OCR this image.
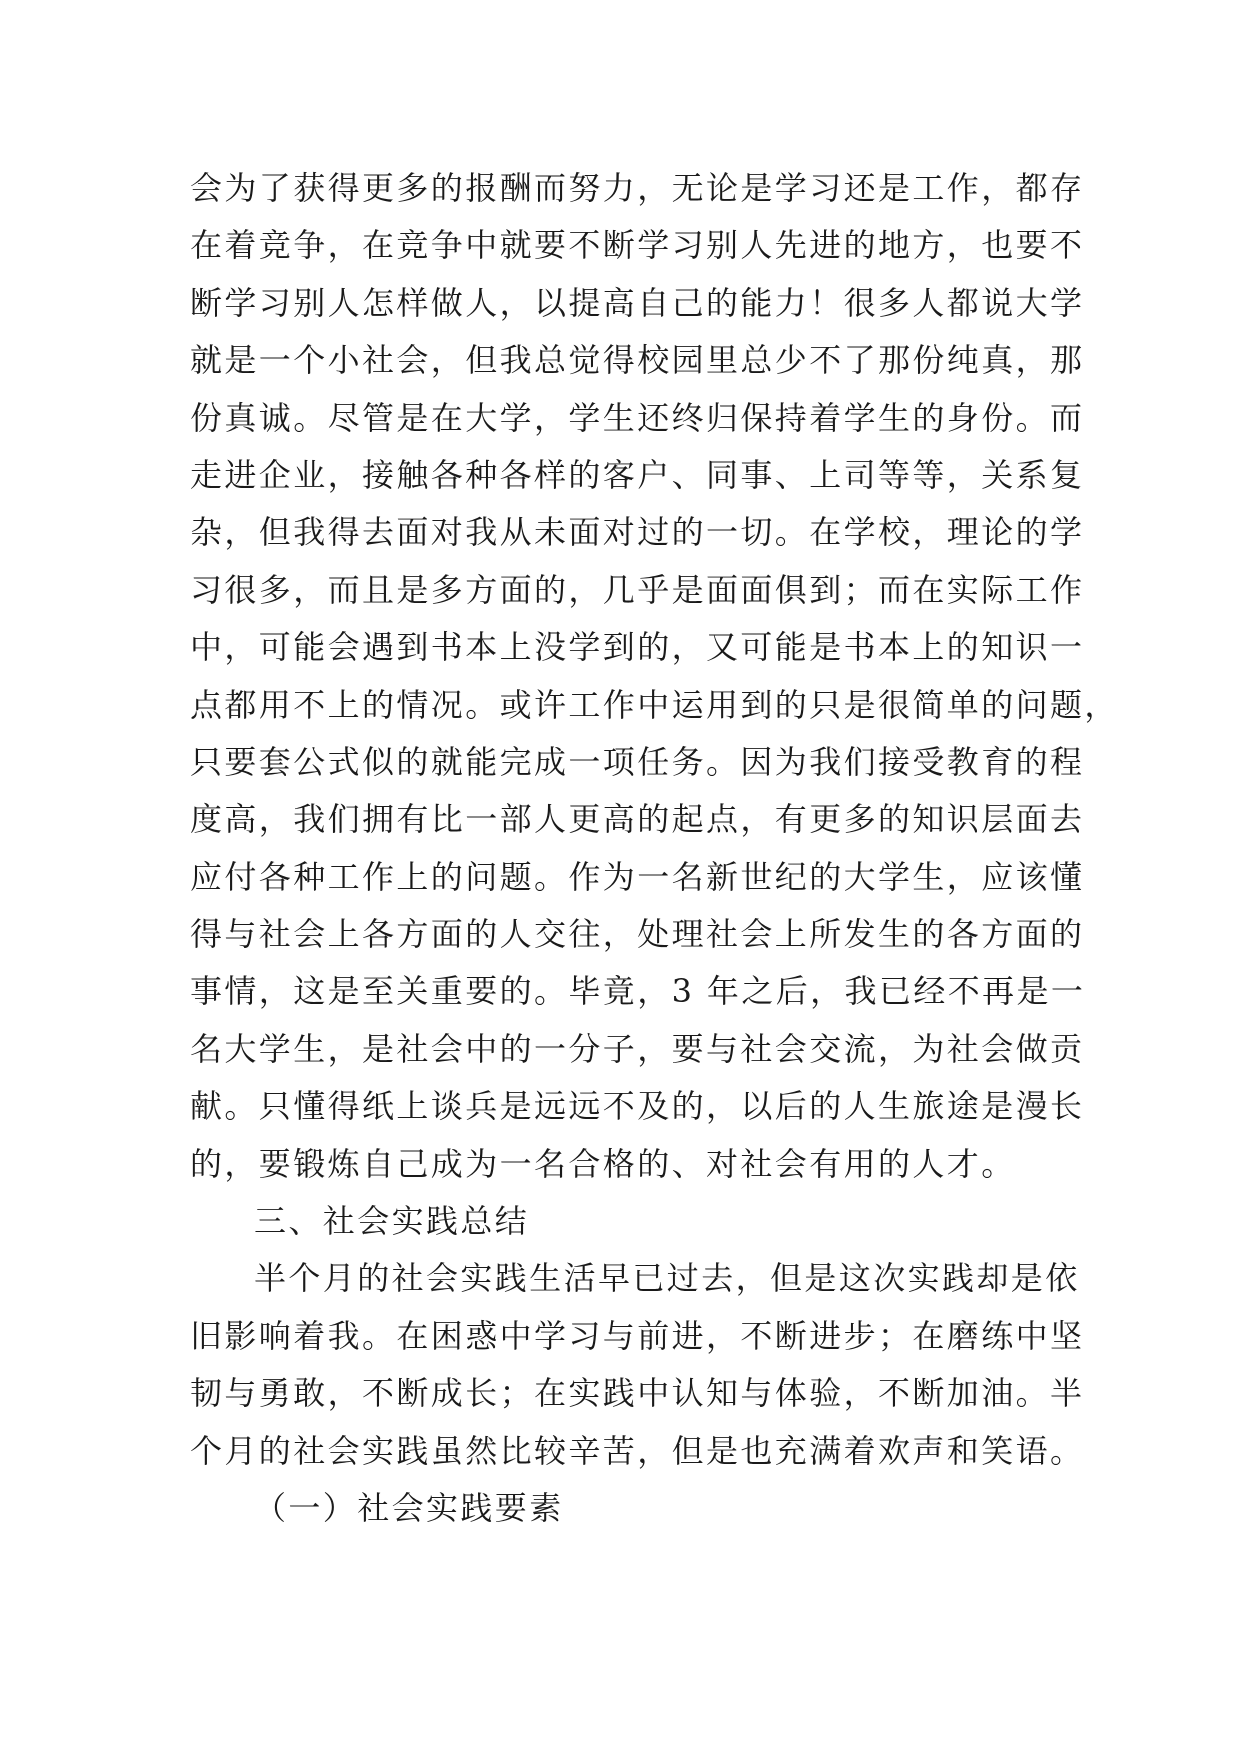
会为了获得更多的报酬而努力，无论是学习还是工作，都存
在着竞争，在竞争中就要不断学习别人先进的地方，也要不
断学习别人怎样做人，以提高自己的能力！很多人都说大学
就是一个小社会，但我总觉得校园里总少不了那份纯真，那
份真诚。尽管是在大学，学生还终归保持着学生的身份。而
走进企业，接触各种各样的客户、同事、上司等等，关系复
杂，但我得去面对我从未面对过的一切。在学校，理论的学
习很多，而且是多方面的，几乎是面面俱到；而在实际工作
中，可能会遇到书本上没学到的，又可能是书本上的知识一
点都用不上的情况。或许工作中运用到的只是很简单的问题，
只要套公式似的就能完成一项任务。因为我们接受教育的程
度高，我们拥有比一部人更高的起点，有更多的知识层面去
应付各种工作上的问题。作为一名新世纪的大学生，应该懂
得与社会上各方面的人交往，处理社会上所发生的各方面的
事情，这是至关重要的。毕竟，3 年之后，我已经不再是一
名大学生，是社会中的一分子，要与社会交流，为社会做贡
献。只懂得纸上谈兵是远远不及的，以后的人生旅途是漫长
的，要锻炼自己成为一名合格的、对社会有用的人才。
三、社会实践总结
半个月的社会实践生活早已过去，但是这次实践却是依
旧影响着我。在困惑中学习与前进，不断进步；在磨练中坚
韧与勇敢，不断成长；在实践中认知与体验，不断加油。半
个月的社会实践虽然比较辛苦，但是也充满着欢声和笑语。
（一）社会实践要素
